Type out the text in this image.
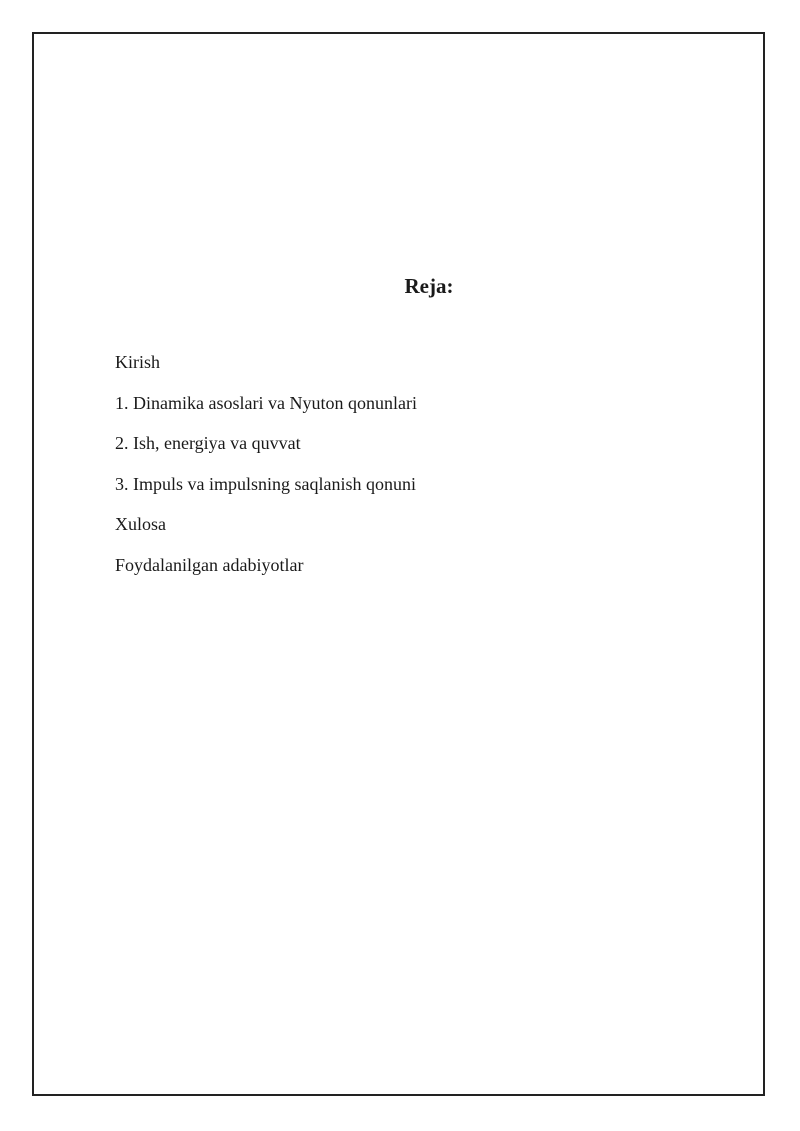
Reja:
Kirish
1. Dinamika asoslari va Nyuton qonunlari
2. Ish, energiya va quvvat
3. Impuls va impulsning saqlanish qonuni
Xulosa
Foydalanilgan adabiyotlar
